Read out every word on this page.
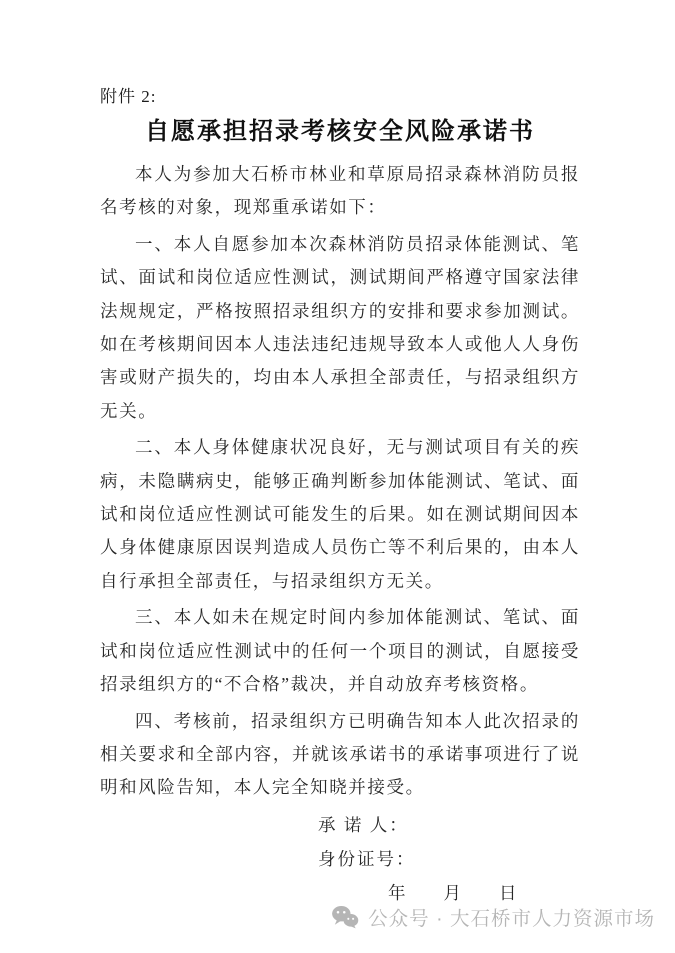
附件 2:
自愿承担招录考核安全风险承诺书

本人为参加大石桥市林业和草原局招录森林消防员报名考核的对象，现郑重承诺如下：

一、本人自愿参加本次森林消防员招录体能测试、笔试、面试和岗位适应性测试，测试期间严格遵守国家法律法规规定，严格按照招录组织方的安排和要求参加测试。如在考核期间因本人违法违纪违规导致本人或他人人身伤害或财产损失的，均由本人承担全部责任，与招录组织方无关。

二、本人身体健康状况良好，无与测试项目有关的疾病，未隐瞒病史，能够正确判断参加体能测试、笔试、面试和岗位适应性测试可能发生的后果。如在测试期间因本人身体健康原因误判造成人员伤亡等不利后果的，由本人自行承担全部责任，与招录组织方无关。

三、本人如未在规定时间内参加体能测试、笔试、面试和岗位适应性测试中的任何一个项目的测试，自愿接受招录组织方的“不合格”裁决，并自动放弃考核资格。

四、考核前，招录组织方已明确告知本人此次招录的相关要求和全部内容，并就该承诺书的承诺事项进行了说明和风险告知，本人完全知晓并接受。

承 诺 人：
身份证号：
年　　月　　日
公众号 · 大石桥市人力资源市场
